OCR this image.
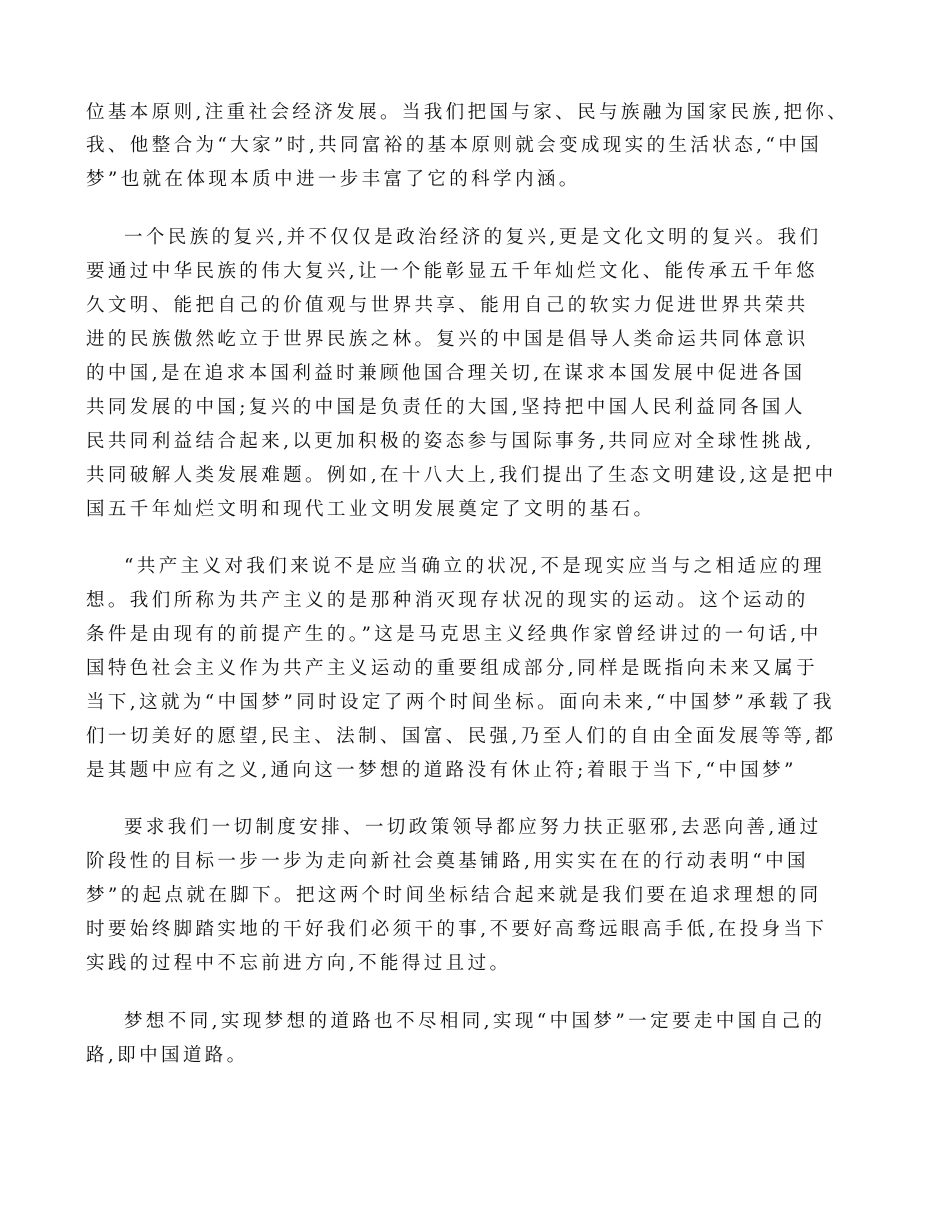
位基本原则,注重社会经济发展。当我们把国与家、民与族融为国家民族,把你、
我、他整合为“大家”时,共同富裕的基本原则就会变成现实的生活状态,“中国
梦”也就在体现本质中进一步丰富了它的科学内涵。
一个民族的复兴,并不仅仅是政治经济的复兴,更是文化文明的复兴。我们
要通过中华民族的伟大复兴,让一个能彰显五千年灿烂文化、能传承五千年悠
久文明、能把自己的价值观与世界共享、能用自己的软实力促进世界共荣共
进的民族傲然屹立于世界民族之林。复兴的中国是倡导人类命运共同体意识
的中国,是在追求本国利益时兼顾他国合理关切,在谋求本国发展中促进各国
共同发展的中国;复兴的中国是负责任的大国,坚持把中国人民利益同各国人
民共同利益结合起来,以更加积极的姿态参与国际事务,共同应对全球性挑战,
共同破解人类发展难题。例如,在十八大上,我们提出了生态文明建设,这是把中
国五千年灿烂文明和现代工业文明发展奠定了文明的基石。
“共产主义对我们来说不是应当确立的状况,不是现实应当与之相适应的理
想。我们所称为共产主义的是那种消灭现存状况的现实的运动。这个运动的
条件是由现有的前提产生的。”这是马克思主义经典作家曾经讲过的一句话,中
国特色社会主义作为共产主义运动的重要组成部分,同样是既指向未来又属于
当下,这就为“中国梦”同时设定了两个时间坐标。面向未来,“中国梦”承载了我
们一切美好的愿望,民主、法制、国富、民强,乃至人们的自由全面发展等等,都
是其题中应有之义,通向这一梦想的道路没有休止符;着眼于当下,“中国梦”
要求我们一切制度安排、一切政策领导都应努力扶正驱邪,去恶向善,通过
阶段性的目标一步一步为走向新社会奠基铺路,用实实在在的行动表明“中国
梦”的起点就在脚下。把这两个时间坐标结合起来就是我们要在追求理想的同
时要始终脚踏实地的干好我们必须干的事,不要好高骛远眼高手低,在投身当下
实践的过程中不忘前进方向,不能得过且过。
梦想不同,实现梦想的道路也不尽相同,实现“中国梦”一定要走中国自己的
路,即中国道路。
